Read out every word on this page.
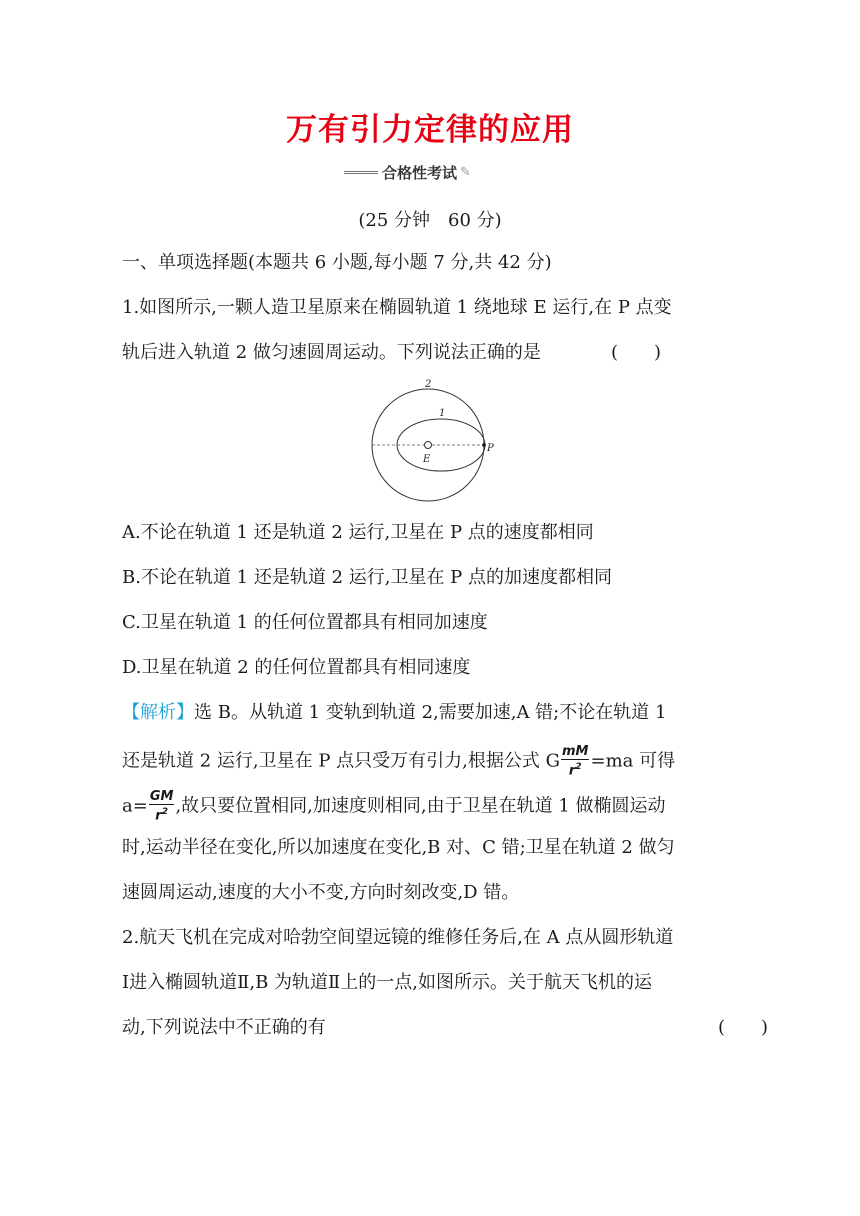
万有引力定律的应用
合格性考试 ✎
(25 分钟　60 分)
一、单项选择题(本题共 6 小题,每小题 7 分,共 42 分)
1.如图所示,一颗人造卫星原来在椭圆轨道 1 绕地球 E 运行,在 P 点变
轨后进入轨道 2 做匀速圆周运动。下列说法正确的是	(　　)
2
1
E
P
A.不论在轨道 1 还是轨道 2 运行,卫星在 P 点的速度都相同
B.不论在轨道 1 还是轨道 2 运行,卫星在 P 点的加速度都相同
C.卫星在轨道 1 的任何位置都具有相同加速度
D.卫星在轨道 2 的任何位置都具有相同速度
【解析】选 B。从轨道 1 变轨到轨道 2,需要加速,A 错;不论在轨道 1
还是轨道 2 运行,卫星在 P 点只受万有引力,根据公式 G $\frac{mM}{r^2} =ma$ 可得
$a= \frac{GM}{r^2}$ ,故只要位置相同,加速度则相同,由于卫星在轨道 1 做椭圆运动
时,运动半径在变化,所以加速度在变化,B 对、C 错;卫星在轨道 2 做匀
速圆周运动,速度的大小不变,方向时刻改变,D 错。
2.航天飞机在完成对哈勃空间望远镜的维修任务后,在 A 点从圆形轨道
Ⅰ进入椭圆轨道Ⅱ,B 为轨道Ⅱ上的一点,如图所示。关于航天飞机的运
动,下列说法中不正确的有	(　　)
